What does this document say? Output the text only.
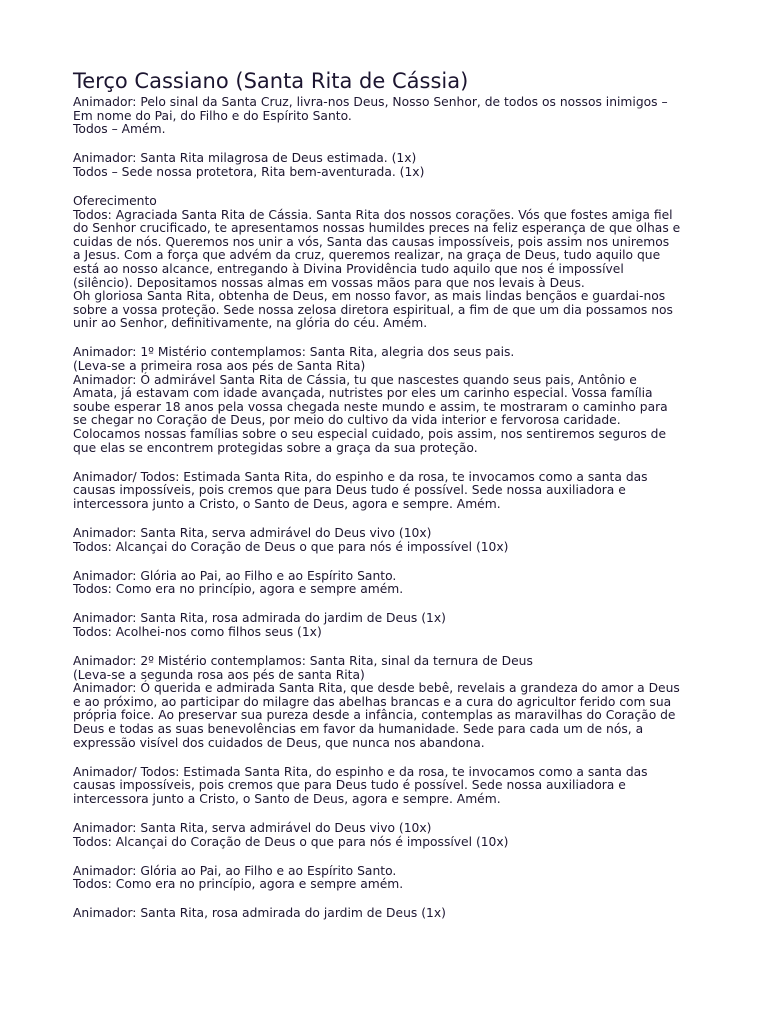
Terço Cassiano (Santa Rita de Cássia)

Animador: Pelo sinal da Santa Cruz, livra-nos Deus, Nosso Senhor, de todos os nossos inimigos –
Em nome do Pai, do Filho e do Espírito Santo.
Todos – Amém.

Animador: Santa Rita milagrosa de Deus estimada. (1x)
Todos – Sede nossa protetora, Rita bem-aventurada. (1x)

Oferecimento
Todos: Agraciada Santa Rita de Cássia. Santa Rita dos nossos corações. Vós que fostes amiga fiel
do Senhor crucificado, te apresentamos nossas humildes preces na feliz esperança de que olhas e
cuidas de nós. Queremos nos unir a vós, Santa das causas impossíveis, pois assim nos uniremos
a Jesus. Com a força que advém da cruz, queremos realizar, na graça de Deus, tudo aquilo que
está ao nosso alcance, entregando à Divina Providência tudo aquilo que nos é impossível
(silêncio). Depositamos nossas almas em vossas mãos para que nos levais à Deus.
Oh gloriosa Santa Rita, obtenha de Deus, em nosso favor, as mais lindas bençãos e guardai-nos
sobre a vossa proteção. Sede nossa zelosa diretora espiritual, a fim de que um dia possamos nos
unir ao Senhor, definitivamente, na glória do céu. Amém.

Animador: 1º Mistério contemplamos: Santa Rita, alegria dos seus pais.
(Leva-se a primeira rosa aos pés de Santa Rita)
Animador: Ó admirável Santa Rita de Cássia, tu que nascestes quando seus pais, Antônio e
Amata, já estavam com idade avançada, nutristes por eles um carinho especial. Vossa família
soube esperar 18 anos pela vossa chegada neste mundo e assim, te mostraram o caminho para
se chegar no Coração de Deus, por meio do cultivo da vida interior e fervorosa caridade.
Colocamos nossas famílias sobre o seu especial cuidado, pois assim, nos sentiremos seguros de
que elas se encontrem protegidas sobre a graça da sua proteção.

Animador/ Todos: Estimada Santa Rita, do espinho e da rosa, te invocamos como a santa das
causas impossíveis, pois cremos que para Deus tudo é possível. Sede nossa auxiliadora e
intercessora junto a Cristo, o Santo de Deus, agora e sempre. Amém.

Animador: Santa Rita, serva admirável do Deus vivo (10x)
Todos: Alcançai do Coração de Deus o que para nós é impossível (10x)

Animador: Glória ao Pai, ao Filho e ao Espírito Santo.
Todos: Como era no princípio, agora e sempre amém.

Animador: Santa Rita, rosa admirada do jardim de Deus (1x)
Todos: Acolhei-nos como filhos seus (1x)

Animador: 2º Mistério contemplamos: Santa Rita, sinal da ternura de Deus
(Leva-se a segunda rosa aos pés de santa Rita)
Animador: Ó querida e admirada Santa Rita, que desde bebê, revelais a grandeza do amor a Deus
e ao próximo, ao participar do milagre das abelhas brancas e a cura do agricultor ferido com sua
própria foice. Ao preservar sua pureza desde a infância, contemplas as maravilhas do Coração de
Deus e todas as suas benevolências em favor da humanidade. Sede para cada um de nós, a
expressão visível dos cuidados de Deus, que nunca nos abandona.

Animador/ Todos: Estimada Santa Rita, do espinho e da rosa, te invocamos como a santa das
causas impossíveis, pois cremos que para Deus tudo é possível. Sede nossa auxiliadora e
intercessora junto a Cristo, o Santo de Deus, agora e sempre. Amém.

Animador: Santa Rita, serva admirável do Deus vivo (10x)
Todos: Alcançai do Coração de Deus o que para nós é impossível (10x)

Animador: Glória ao Pai, ao Filho e ao Espírito Santo.
Todos: Como era no princípio, agora e sempre amém.

Animador: Santa Rita, rosa admirada do jardim de Deus (1x)
